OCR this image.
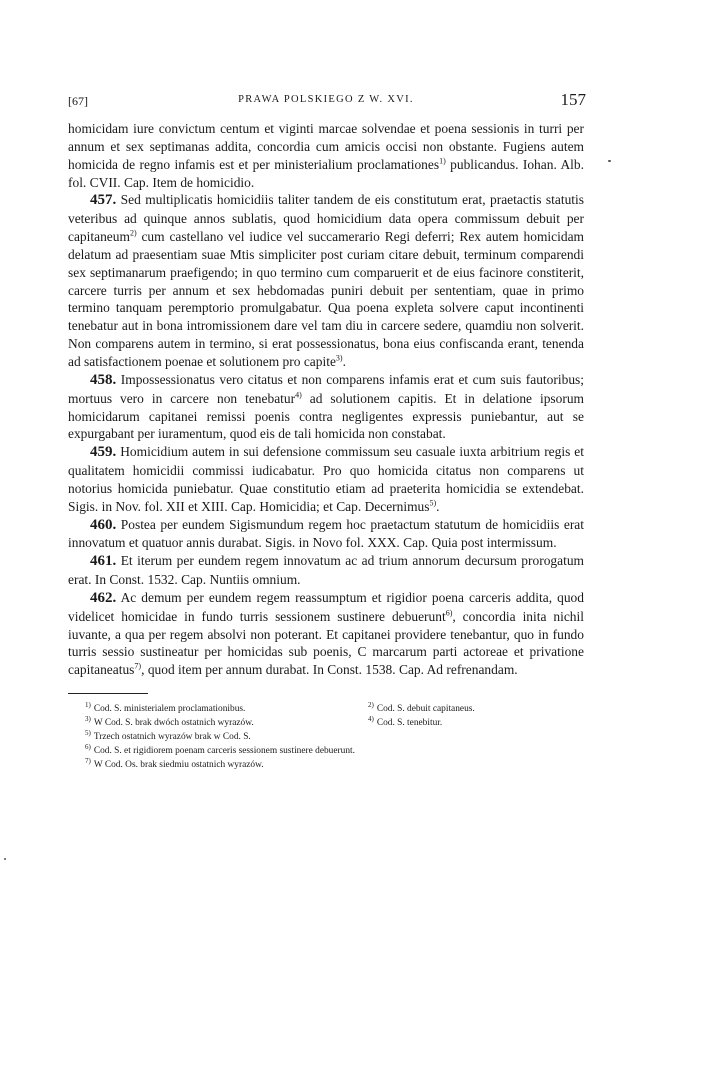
[67]	PRAWA POLSKIEGO Z W. XVI.	157

homicidam iure convictum centum et viginti marcae solvendae et poena sessionis in turri per annum et sex septimanas addita, concordia cum amicis occisi non obstante. Fugiens autem homicida de regno infamis est et per ministerialium proclamationes$^{1)}$ publicandus. Iohan. Alb. fol. CVII. Cap. Item de homicidio.

457. Sed multiplicatis homicidiis taliter tandem de eis constitutum erat, praetactis statutis veteribus ad quinque annos sublatis, quod homicidium data opera commissum debuit per capitaneum$^{2)}$ cum castellano vel iudice vel succamerario Regi deferri; Rex autem homicidam delatum ad praesentiam suae Mtis simpliciter post curiam citare debuit, terminum comparendi sex septimanarum praefigendo; in quo termino cum comparuerit et de eius facinore constiterit, carcere turris per annum et sex hebdomadas puniri debuit per sententiam, quae in primo termino tanquam peremptorio promulgabatur. Qua poena expleta solvere caput incontinenti tenebatur aut in bona intromissionem dare vel tam diu in carcere sedere, quamdiu non solverit. Non comparens autem in termino, si erat possessionatus, bona eius confiscanda erant, tenenda ad satisfactionem poenae et solutionem pro capite$^{3)}$.

458. Impossessionatus vero citatus et non comparens infamis erat et cum suis fautoribus; mortuus vero in carcere non tenebatur$^{4)}$ ad solutionem capitis. Et in delatione ipsorum homicidarum capitanei remissi poenis contra negligentes expressis puniebantur, aut se expurgabant per iuramentum, quod eis de tali homicida non constabat.

459. Homicidium autem in sui defensione commissum seu casuale iuxta arbitrium regis et qualitatem homicidii commissi iudicabatur. Pro quo homicida citatus non comparens ut notorius homicida puniebatur. Quae constitutio etiam ad praeterita homicidia se extendebat. Sigis. in Nov. fol. XII et XIII. Cap. Homicidia; et Cap. Decernimus$^{5)}$.

460. Postea per eundem Sigismundum regem hoc praetactum statutum de homicidiis erat innovatum et quatuor annis durabat. Sigis. in Novo fol. XXX. Cap. Quia post intermissum.

461. Et iterum per eundem regem innovatum ac ad trium annorum decursum prorogatum erat. In Const. 1532. Cap. Nuntiis omnium.

462. Ac demum per eundem regem reassumptum et rigidior poena carceris addita, quod videlicet homicidae in fundo turris sessionem sustinere debuerunt$^{6)}$, concordia inita nichil iuvante, a qua per regem absolvi non poterant. Et capitanei providere tenebantur, quo in fundo turris sessio sustineatur per homicidas sub poenis, C marcarum parti actoreae et privatione capitaneatus$^{7)}$, quod item per annum durabat. In Const. 1538. Cap. Ad refrenandam.

$^{1)}$ Cod. S. ministerialem proclamationibus.	$^{2)}$ Cod. S. debuit capitaneus.
$^{3)}$ W Cod. S. brak dwóch ostatnich wyrazów.	$^{4)}$ Cod. S. tenebitur.
$^{5)}$ Trzech ostatnich wyrazów brak w Cod. S.
$^{6)}$ Cod. S. et rigidiorem poenam carceris sessionem sustinere debuerunt.
$^{7)}$ W Cod. Os. brak siedmiu ostatnich wyrazów.
